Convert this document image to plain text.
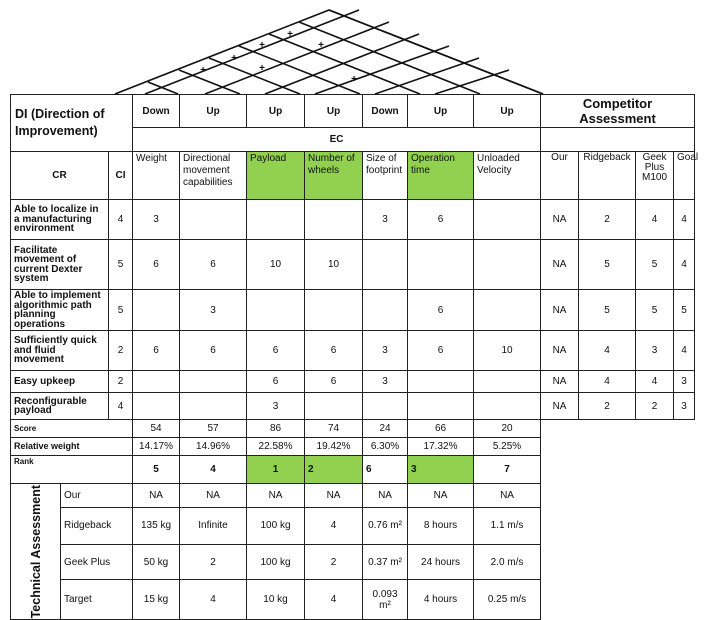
+
+	+
+
+
+
+
DI (Direction of Improvement)			Down	Up	Up	Up	Down	Up	Up	Competitor Assessment			
			EC										
CR		CI	Weight	Directional movement capabilities	Payload	Number of wheels	Size of footprint	Operation time	Unloaded Velocity	Our	Ridgeback	Geek Plus M100	Goal
Able to localize in a manufacturing environment		4	3				3	6		NA	2	4	4
Facilitate movement of current Dexter system		5	6	6	10	10				NA	5	5	4
Able to implement algorithmic path planning operations		5		3				6		NA	5	5	5
Sufficiently quick and fluid movement		2	6	6	6	6	3	6	10	NA	4	3	4
Easy upkeep		2			6	6	3			NA	4	4	3
Reconfigurable payload		4			3					NA	2	2	3
Score			54	57	86	74	24	66	20				
Relative weight			14.17%	14.96%	22.58%	19.42%	6.30%	17.32%	5.25%				
Rank			5	4	1	2	6	3	7				

Technical Assessment	Our		NA	NA	NA	NA	NA	NA	NA				
	Ridgeback		135 kg	Infinite	100 kg	4	0.76 m²	8 hours	1.1 m/s				
	Geek Plus		50 kg	2	100 kg	2	0.37 m²	24 hours	2.0 m/s				
	Target		15 kg	4	10 kg	4	0.093 m²	4 hours	0.25 m/s				
